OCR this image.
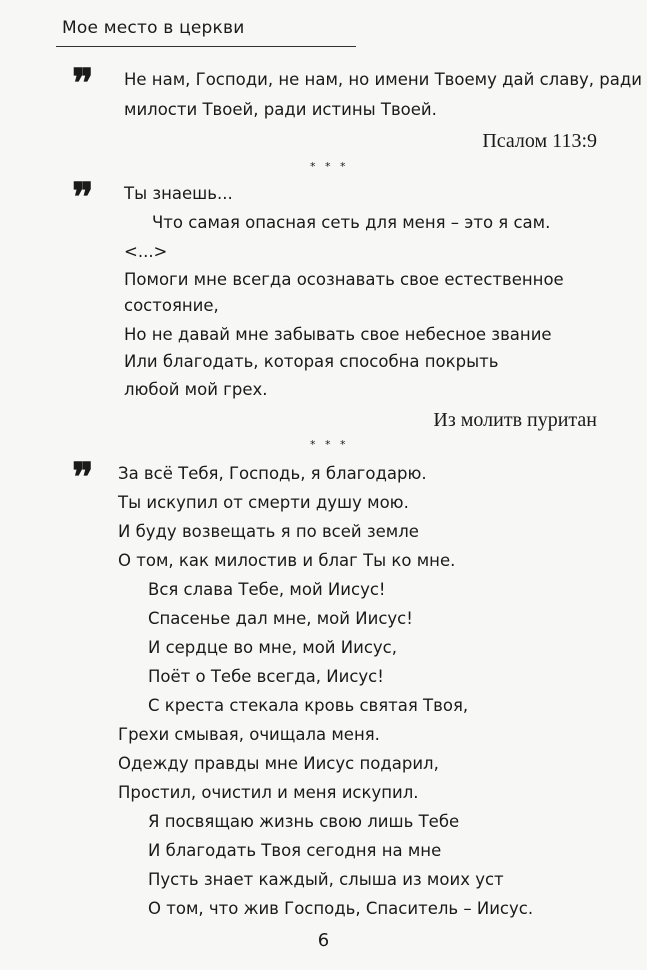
Мое место в церкви
❞ Не нам, Господи, не нам, но имени Твоему дай славу, ради
милости Твоей, ради истины Твоей.
Псалом 113:9
* * *
❞ Ты знаешь...
Что самая опасная сеть для меня – это я сам.
<...>
Помоги мне всегда осознавать свое естественное
состояние,
Но не давай мне забывать свое небесное звание
Или благодать, которая способна покрыть
любой мой грех.
Из молитв пуритан
* * *
❞ За всё Тебя, Господь, я благодарю.
Ты искупил от смерти душу мою.
И буду возвещать я по всей земле
О том, как милостив и благ Ты ко мне.
Вся слава Тебе, мой Иисус!
Спасенье дал мне, мой Иисус!
И сердце во мне, мой Иисус,
Поёт о Тебе всегда, Иисус!
С креста стекала кровь святая Твоя,
Грехи смывая, очищала меня.
Одежду правды мне Иисус подарил,
Простил, очистил и меня искупил.
Я посвящаю жизнь свою лишь Тебе
И благодать Твоя сегодня на мне
Пусть знает каждый, слыша из моих уст
О том, что жив Господь, Спаситель – Иисус.
6
